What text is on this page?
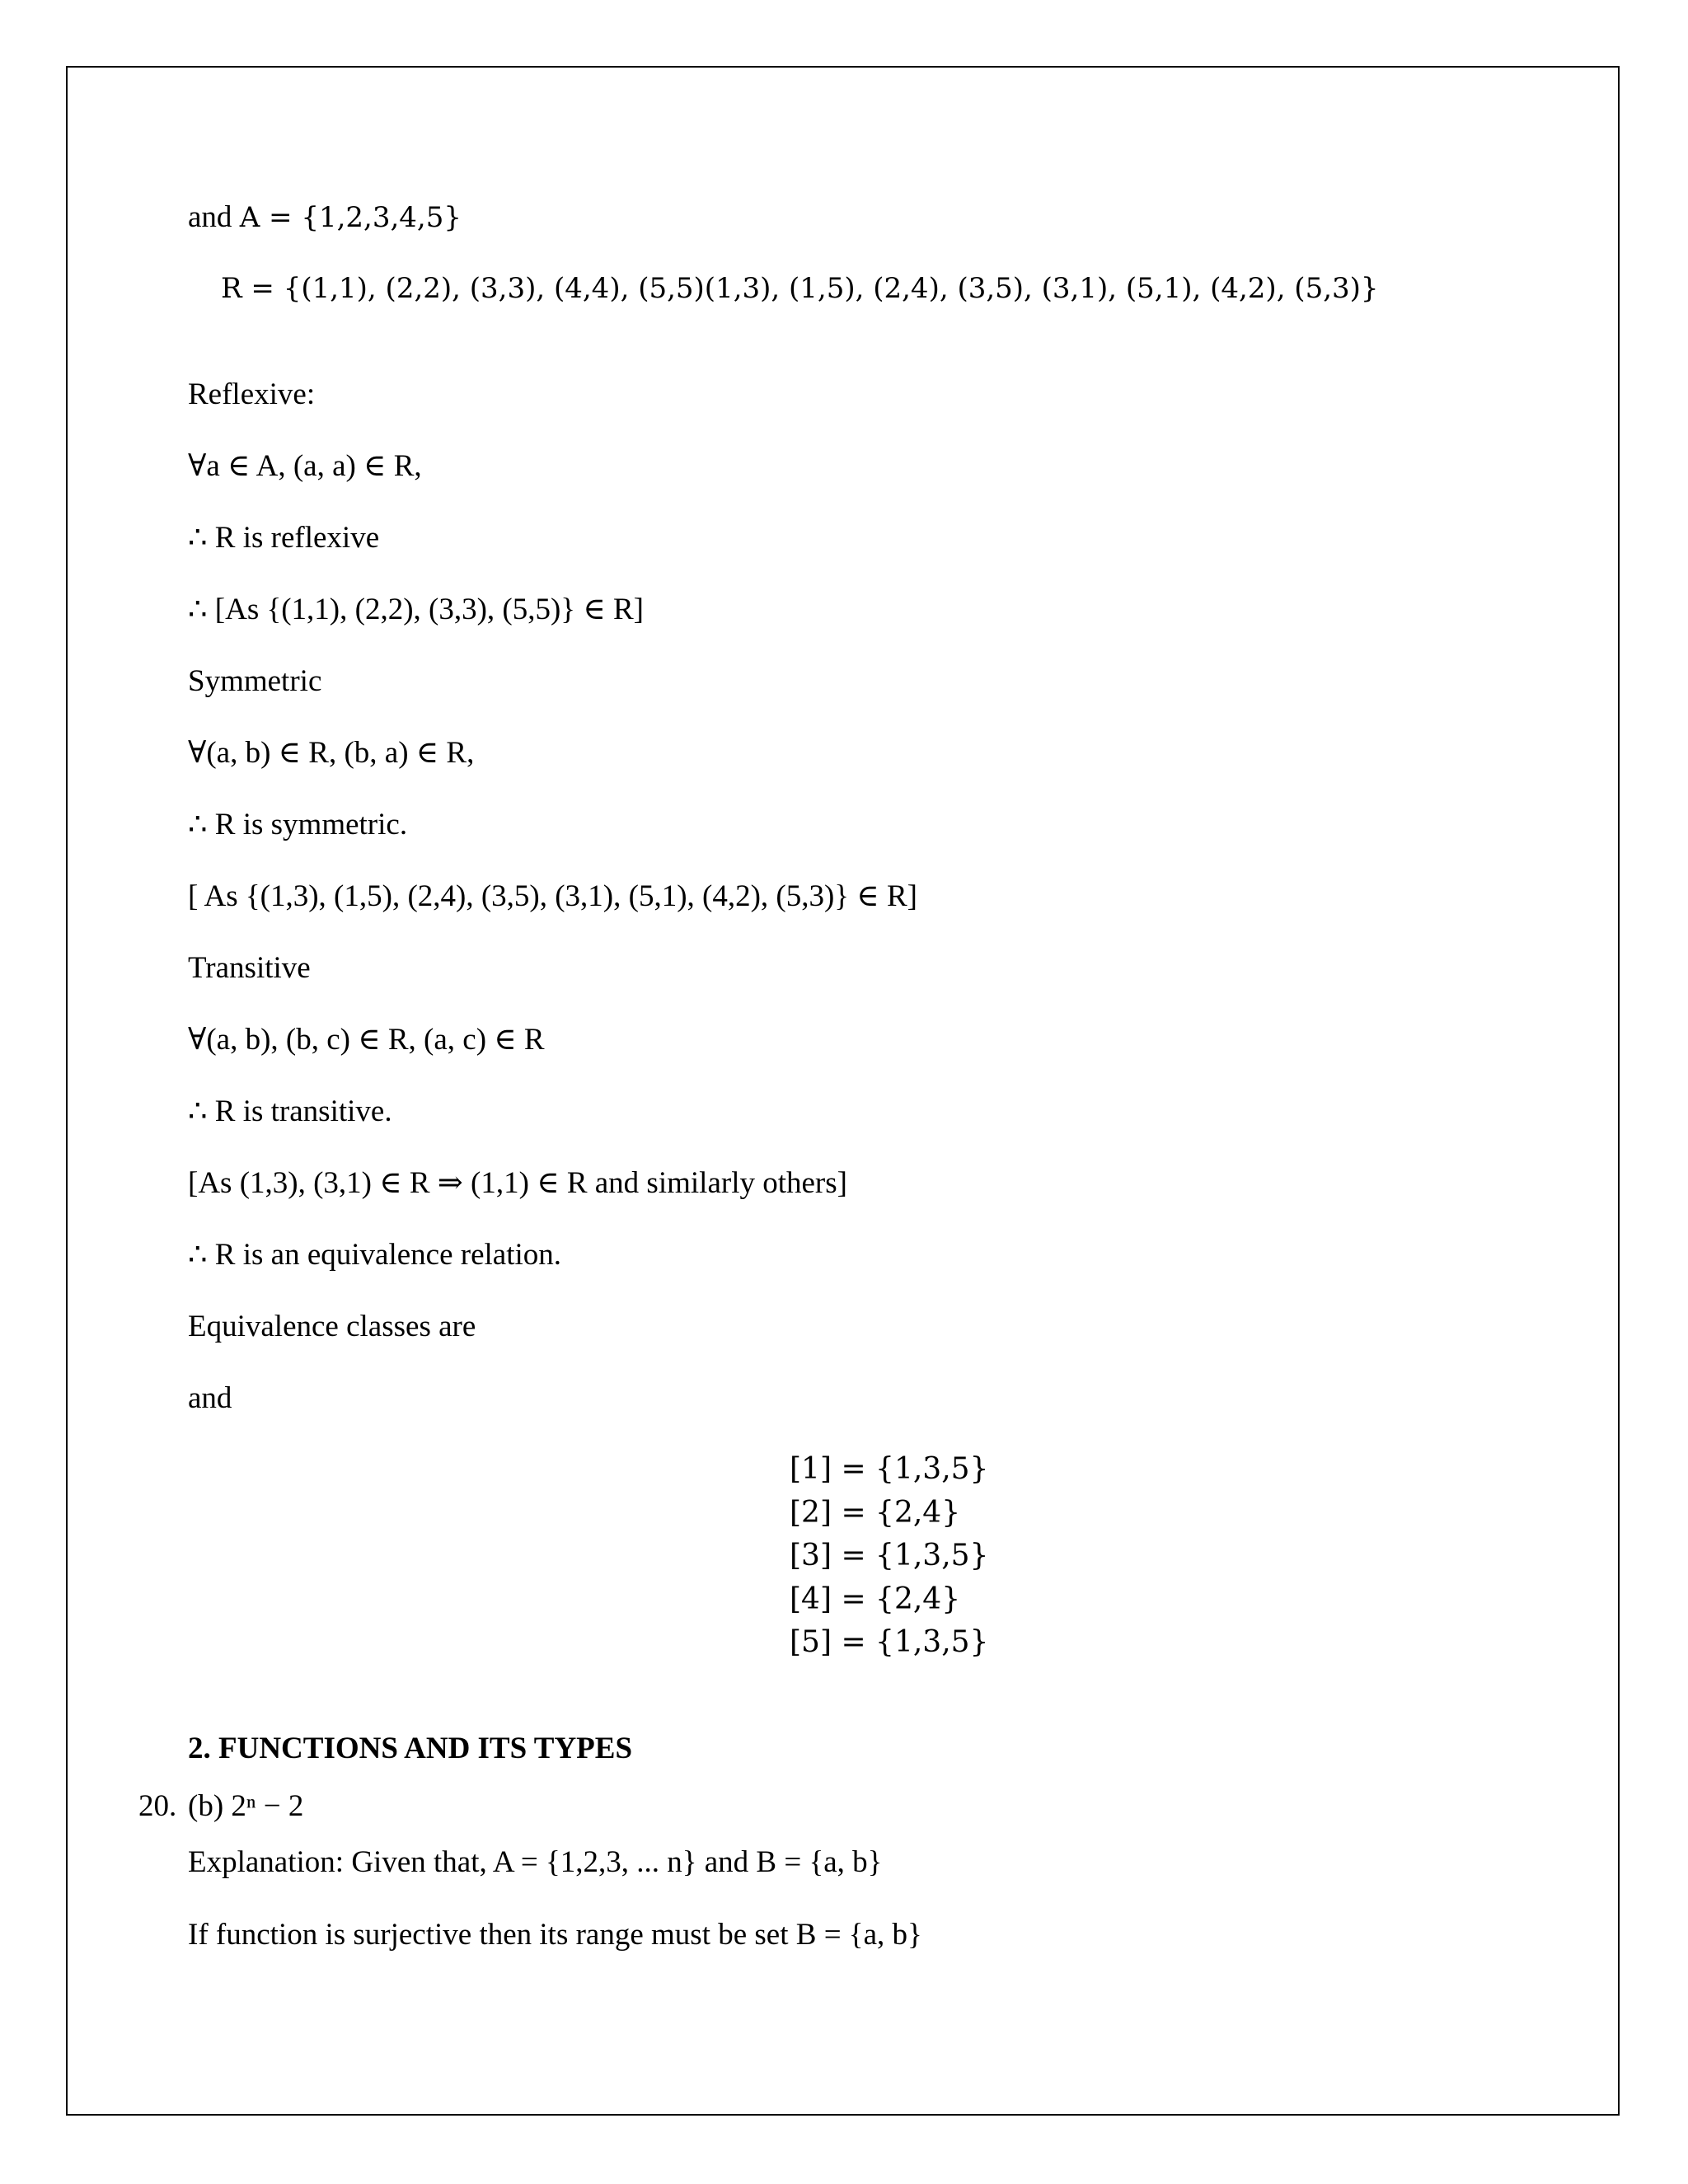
and A = {1,2,3,4,5}
R = {(1,1), (2,2), (3,3), (4,4), (5,5)(1,3), (1,5), (2,4), (3,5), (3,1), (5,1), (4,2), (5,3)}
Reflexive:
∀a ∈ A, (a, a) ∈ R,
∴ R is reflexive
∴ [As {(1,1), (2,2), (3,3), (5,5)} ∈ R]
Symmetric
∀(a, b) ∈ R, (b, a) ∈ R,
∴ R is symmetric.
[ As {(1,3), (1,5), (2,4), (3,5), (3,1), (5,1), (4,2), (5,3)} ∈ R]
Transitive
∀(a, b), (b, c) ∈ R, (a, c) ∈ R
∴ R is transitive.
[As (1,3), (3,1) ∈ R ⇒ (1,1) ∈ R and similarly others]
∴ R is an equivalence relation.
Equivalence classes are
and
[1] = {1,3,5}
[2] = {2,4}
[3] = {1,3,5}
[4] = {2,4}
[5] = {1,3,5}
2. FUNCTIONS AND ITS TYPES
20. (b) 2ⁿ − 2
Explanation: Given that, A = {1,2,3, ... n} and B = {a, b}
If function is surjective then its range must be set B = {a, b}
